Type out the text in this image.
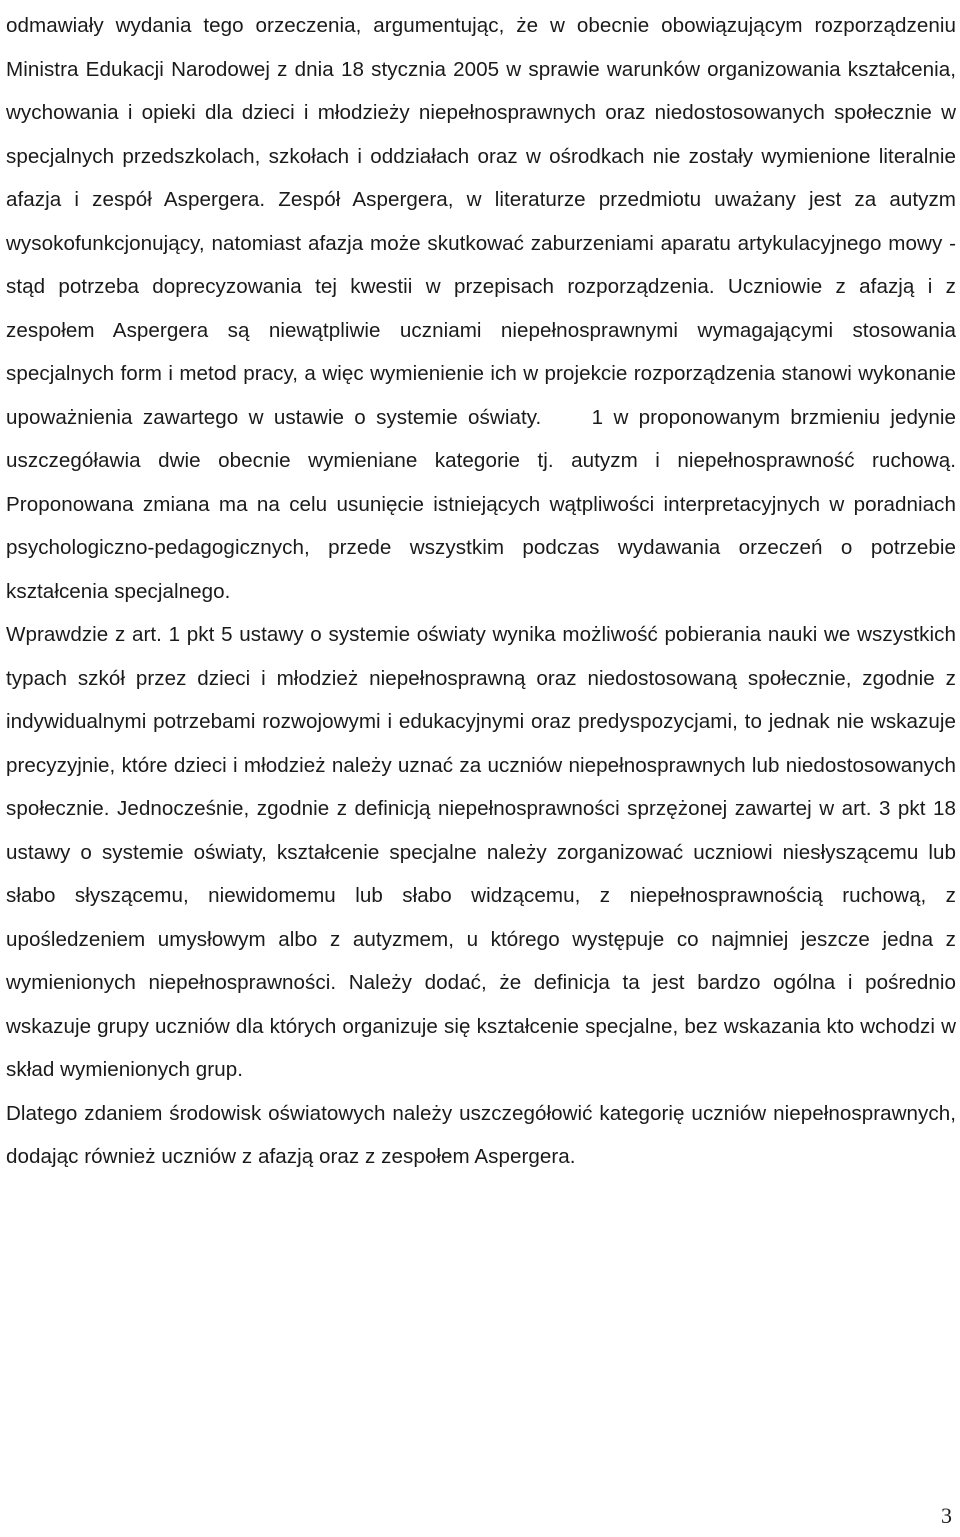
odmawiały wydania tego orzeczenia, argumentując, że w obecnie obowiązującym rozporządzeniu Ministra Edukacji Narodowej z dnia 18 stycznia 2005 w sprawie warunków organizowania kształcenia, wychowania i opieki dla dzieci i młodzieży niepełnosprawnych oraz niedostosowanych społecznie w specjalnych przedszkolach, szkołach i oddziałach oraz w ośrodkach nie zostały wymienione literalnie afazja i zespół Aspergera. Zespół Aspergera, w literaturze przedmiotu uważany jest za autyzm wysokofunkcjonujący, natomiast afazja może skutkować zaburzeniami aparatu artykulacyjnego mowy - stąd potrzeba doprecyzowania tej kwestii w przepisach rozporządzenia. Uczniowie z afazją i z zespołem Aspergera są niewątpliwie uczniami niepełnosprawnymi wymagającymi stosowania specjalnych form i metod pracy, a więc wymienienie ich w projekcie rozporządzenia stanowi wykonanie upoważnienia zawartego w ustawie o systemie oświaty. 1 w proponowanym brzmieniu jedynie uszczegóławia dwie obecnie wymieniane kategorie tj. autyzm i niepełnosprawność ruchową. Proponowana zmiana ma na celu usunięcie istniejących wątpliwości interpretacyjnych w poradniach psychologiczno-pedagogicznych, przede wszystkim podczas wydawania orzeczeń o potrzebie kształcenia specjalnego.

Wprawdzie z art. 1 pkt 5 ustawy o systemie oświaty wynika możliwość pobierania nauki we wszystkich typach szkół przez dzieci i młodzież niepełnosprawną oraz niedostosowaną społecznie, zgodnie z indywidualnymi potrzebami rozwojowymi i edukacyjnymi oraz predyspozycjami, to jednak nie wskazuje precyzyjnie, które dzieci i młodzież należy uznać za uczniów niepełnosprawnych lub niedostosowanych społecznie. Jednocześnie, zgodnie z definicją niepełnosprawności sprzężonej zawartej w art. 3 pkt 18 ustawy o systemie oświaty, kształcenie specjalne należy zorganizować uczniowi niesłyszącemu lub słabo słyszącemu, niewidomemu lub słabo widzącemu, z niepełnosprawnością ruchową, z upośledzeniem umysłowym albo z autyzmem, u którego występuje co najmniej jeszcze jedna z wymienionych niepełnosprawności. Należy dodać, że definicja ta jest bardzo ogólna i pośrednio wskazuje grupy uczniów dla których organizuje się kształcenie specjalne, bez wskazania kto wchodzi w skład wymienionych grup.

Dlatego zdaniem środowisk oświatowych należy uszczegółowić kategorię uczniów niepełnosprawnych, dodając również uczniów z afazją oraz z zespołem Aspergera.

3
